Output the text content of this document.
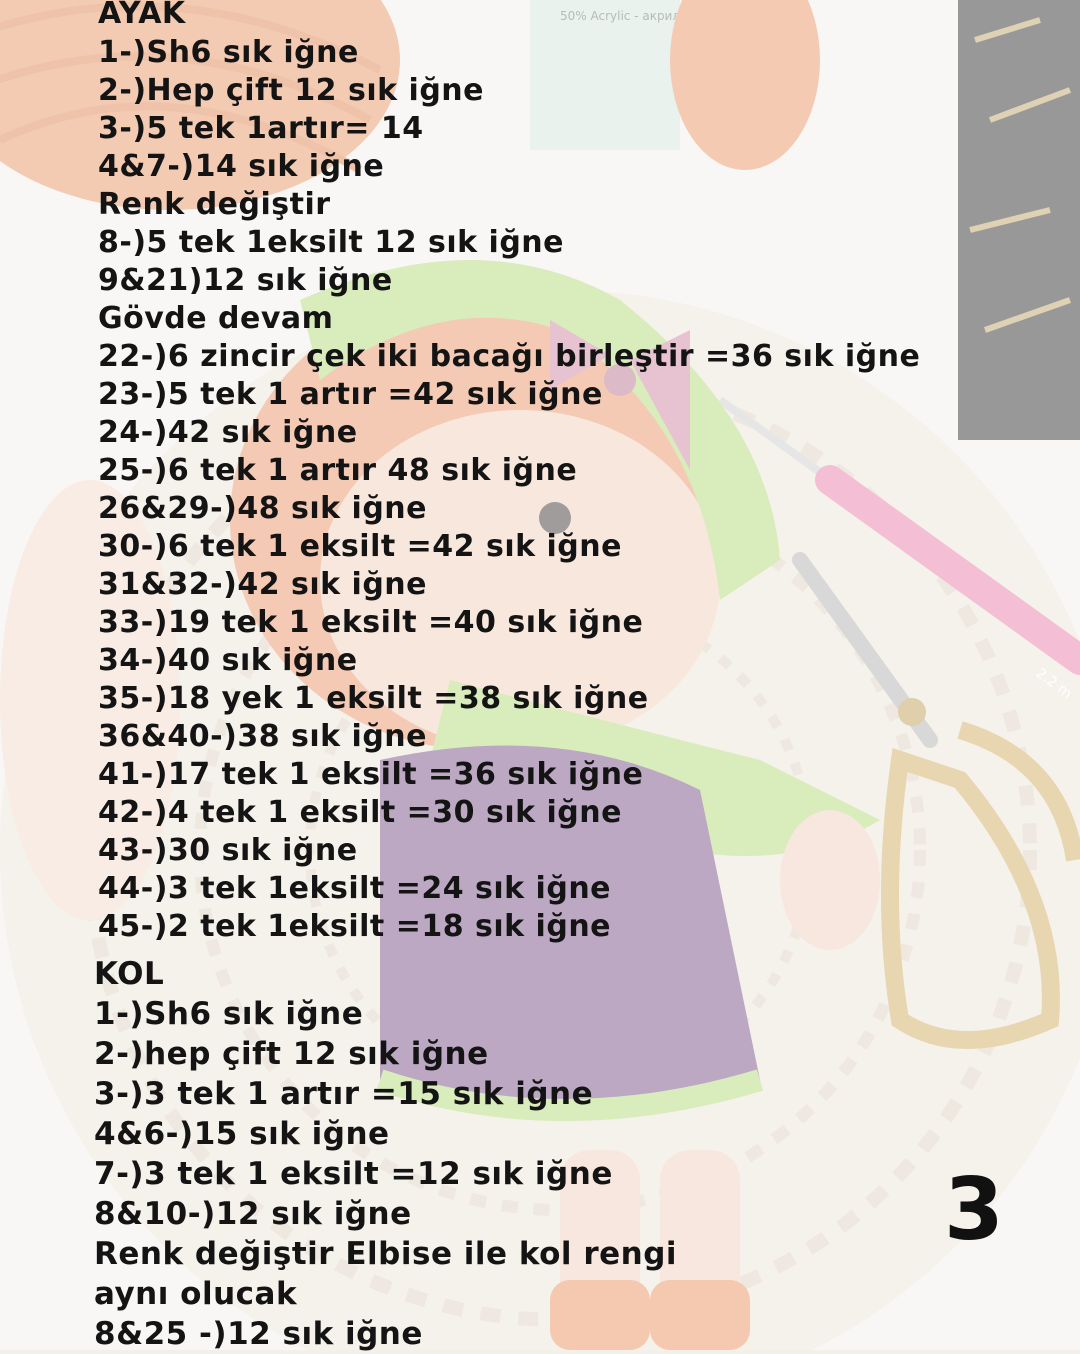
AYAK
1-)Sh6 sık iğne
2-)Hep çift 12 sık iğne
3-)5 tek 1artır= 14
4&7-)14 sık iğne
Renk değiştir
8-)5 tek 1eksilt 12 sık iğne
9&21)12 sık iğne
Gövde devam
22-)6 zincir çek iki bacağı birleştir =36 sık iğne
23-)5 tek 1 artır =42 sık iğne
24-)42 sık iğne
25-)6 tek 1 artır 48 sık iğne
26&29-)48 sık iğne
30-)6 tek 1 eksilt =42 sık iğne
31&32-)42 sık iğne
33-)19 tek 1 eksilt =40 sık iğne
34-)40 sık iğne
35-)18 yek 1 eksilt =38 sık iğne
36&40-)38 sık iğne
41-)17 tek 1 eksilt =36 sık iğne
42-)4 tek 1 eksilt =30 sık iğne
43-)30 sık iğne
44-)3 tek 1eksilt =24 sık iğne
45-)2 tek 1eksilt =18 sık iğne
KOL
1-)Sh6 sık iğne
2-)hep çift 12 sık iğne
3-)3 tek 1 artır =15 sık iğne
4&6-)15 sık iğne
7-)3 tek 1 eksilt =12 sık iğne
8&10-)12 sık iğne
Renk değiştir Elbise ile kol rengi
aynı olucak
8&25 -)12 sık iğne
3
